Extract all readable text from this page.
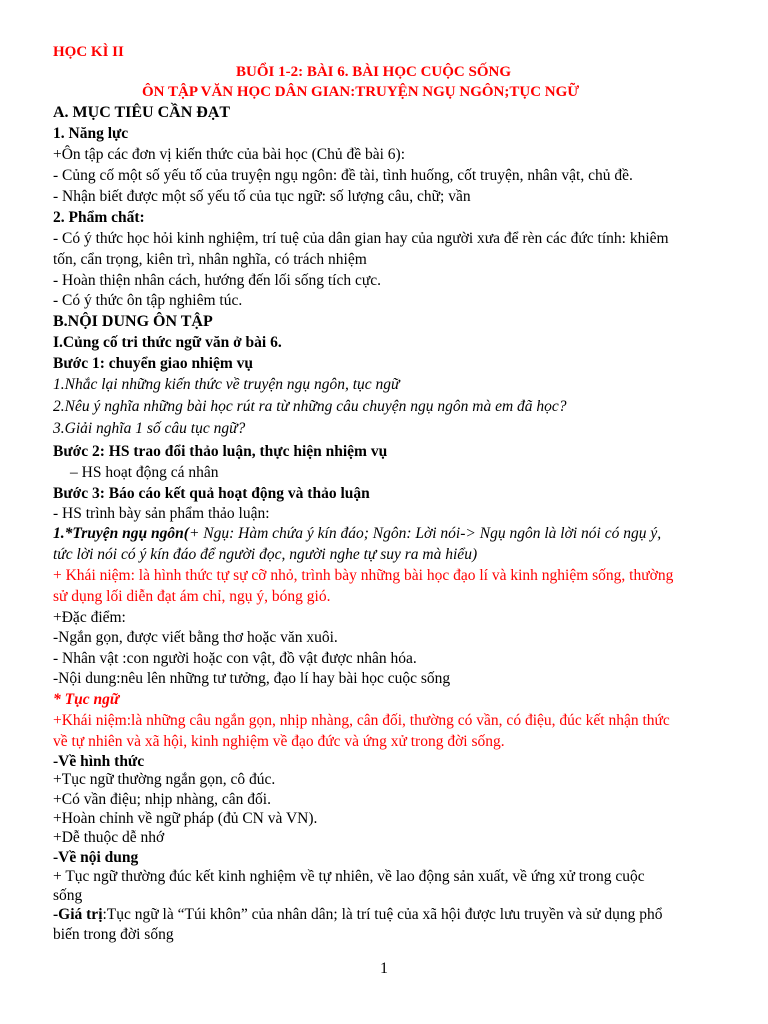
HỌC KÌ II
BUỔI 1-2: BÀI 6. BÀI HỌC CUỘC SỐNG
ÔN TẬP VĂN HỌC DÂN GIAN:TRUYỆN NGỤ NGÔN;TỤC NGỮ
A. MỤC TIÊU CẦN ĐẠT
1. Năng lực
+Ôn tập các đơn vị kiến thức của bài học (Chủ đề bài 6):
- Củng cố một số yếu tố của truyện ngụ ngôn: đề tài, tình huống, cốt truyện, nhân vật, chủ đề.
- Nhận biết được một số yếu tố của tục ngữ: số lượng câu, chữ; vần
2. Phẩm chất:
- Có ý thức học hỏi kinh nghiệm, trí tuệ của dân gian hay của người xưa để rèn các đức tính: khiêm
tốn, cẩn trọng, kiên trì, nhân nghĩa, có trách nhiệm
- Hoàn thiện nhân cách, hướng đến lối sống tích cực.
- Có ý thức ôn tập nghiêm túc.
B.NỘI DUNG ÔN TẬP
I.Củng cố tri thức ngữ văn ở bài 6.
Bước 1: chuyển giao nhiệm vụ
1.Nhắc lại những kiến thức về truyện ngụ ngôn, tục ngữ
2.Nêu ý nghĩa những bài học rút ra từ những câu chuyện ngụ ngôn mà em đã học?
3.Giải nghĩa 1 số câu tục ngữ?
Bước 2: HS trao đổi thảo luận, thực hiện nhiệm vụ
– HS hoạt động cá nhân
Bước 3: Báo cáo kết quả hoạt động và thảo luận
- HS trình bày sản phẩm thảo luận:
1.*Truyện ngụ ngôn(+ Ngụ: Hàm chứa ý kín đáo; Ngôn: Lời nói-> Ngụ ngôn là lời nói có ngụ ý,
tức lời nói có ý kín đáo để người đọc, người nghe tự suy ra mà hiểu)
+ Khái niệm: là hình thức tự sự cỡ nhỏ, trình bày những bài học đạo lí và kinh nghiệm sống, thường
sử dụng lối diễn đạt ám chỉ, ngụ ý, bóng gió.
+Đặc điểm:
-Ngắn gọn, được viết bằng thơ hoặc văn xuôi.
- Nhân vật :con người hoặc con vật, đồ vật được nhân hóa.
-Nội dung:nêu lên những tư tưởng, đạo lí hay bài học cuộc sống
* Tục ngữ
+Khái niệm:là những câu ngắn gọn, nhịp nhàng, cân đối, thường có vần, có điệu, đúc kết nhận thức
về tự nhiên và xã hội, kinh nghiệm về đạo đức và ứng xử trong đời sống.
-Về hình thức
+Tục ngữ thường ngắn gọn, cô đúc.
+Có vần điệu; nhịp nhàng, cân đối.
+Hoàn chỉnh về ngữ pháp (đủ CN và VN).
+Dễ thuộc dễ nhớ
-Về nội dung
+ Tục ngữ thường đúc kết kinh nghiệm về tự nhiên, về lao động sản xuất, về ứng xử trong cuộc
sống
-Giá trị:Tục ngữ là “Túi khôn” của nhân dân; là trí tuệ của xã hội được lưu truyền và sử dụng phổ
biến trong đời sống
1
